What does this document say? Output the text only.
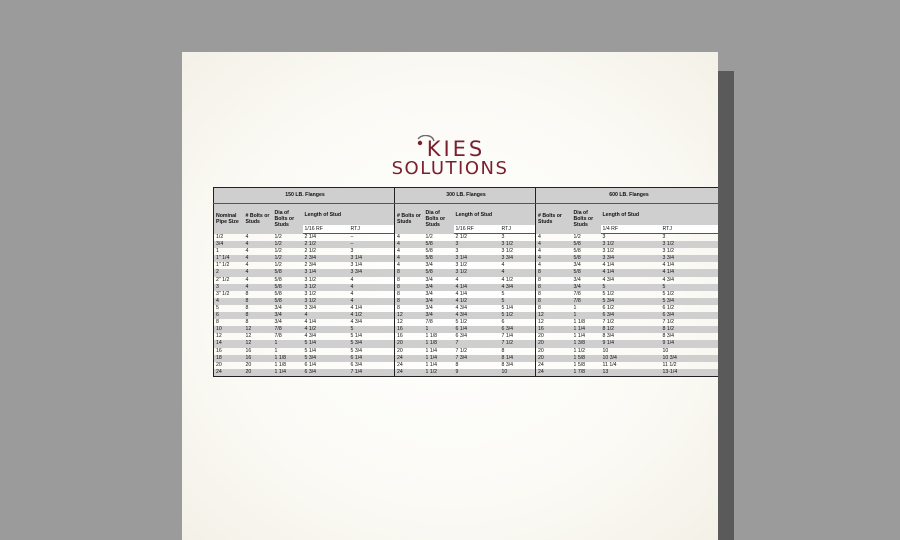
KIES
SOLUTIONS
150 LB. Flanges					300 LB. Flanges				600 LB. Flanges			
Nominal Pipe Size	# Bolts or Studs	Dia of Bolts or Studs	Length of Stud		# Bolts or Studs	Dia of Bolts or Studs	Length of Stud		# Bolts or Studs	Dia of Bolts or Studs	Length of Stud	
			1/16 RF	RTJ			1/16 RF	RTJ			1/4 RF	RTJ
1/2	4	1/2	2 1/4	–	4	1/2	2 1/2	3	4	1/2	3	3
3/4	4	1/2	2 1/2	–	4	5/8	3	3 1/2	4	5/8	3 1/2	3 1/2
1	4	1/2	2 1/2	3	4	5/8	3	3 1/2	4	5/8	3 1/2	3 1/2
1" 1/4	4	1/2	2 3/4	3 1/4	4	5/8	3 1/4	3 3/4	4	5/8	3 3/4	3 3/4
1" 1/2	4	1/2	2 3/4	3 1/4	4	3/4	3 1/2	4	4	3/4	4 1/4	4 1/4
2	4	5/8	3 1/4	3 3/4	8	5/8	3 1/2	4	8	5/8	4 1/4	4 1/4
2" 1/2	4	5/8	3 1/2	4	8	3/4	4	4 1/2	8	3/4	4 3/4	4 3/4
3	4	5/8	3 1/2	4	8	3/4	4 1/4	4 3/4	8	3/4	5	5
3" 1/2	8	5/8	3 1/2	4	8	3/4	4 1/4	5	8	7/8	5 1/2	5 1/2
4	8	5/8	3 1/2	4	8	3/4	4 1/2	5	8	7/8	5 3/4	5 3/4
5	8	3/4	3 3/4	4 1/4	8	3/4	4 3/4	5 1/4	8	1	6 1/2	6 1/2
6	8	3/4	4	4 1/2	12	3/4	4 3/4	5 1/2	12	1	6 3/4	6 3/4
8	8	3/4	4 1/4	4 3/4	12	7/8	5 1/2	6	12	1 1/8	7 1/2	7 1/2
10	12	7/8	4 1/2	5	16	1	6 1/4	6 3/4	16	1 1/4	8 1/2	8 1/2
12	12	7/8	4 3/4	5 1/4	16	1 1/8	6 3/4	7 1/4	20	1 1/4	8 3/4	8 3/4
14	12	1	5 1/4	5 3/4	20	1 1/8	7	7 1/2	20	1 3/8	9 1/4	9 1/4
16	16	1	5 1/4	5 3/4	20	1 1/4	7 1/2	8	20	1 1/2	10	10
18	16	1 1/8	5 3/4	6 1/4	24	1 1/4	7 3/4	8 1/4	20	1 5/8	10 3/4	10 3/4
20	20	1 1/8	6 1/4	6 3/4	24	1 1/4	8	8 3/4	24	1 5/8	11 1/4	11 1/2
24	20	1 1/4	6 3/4	7 1/4	24	1 1/2	9	10	24	1 7/8	13	13-1/4
